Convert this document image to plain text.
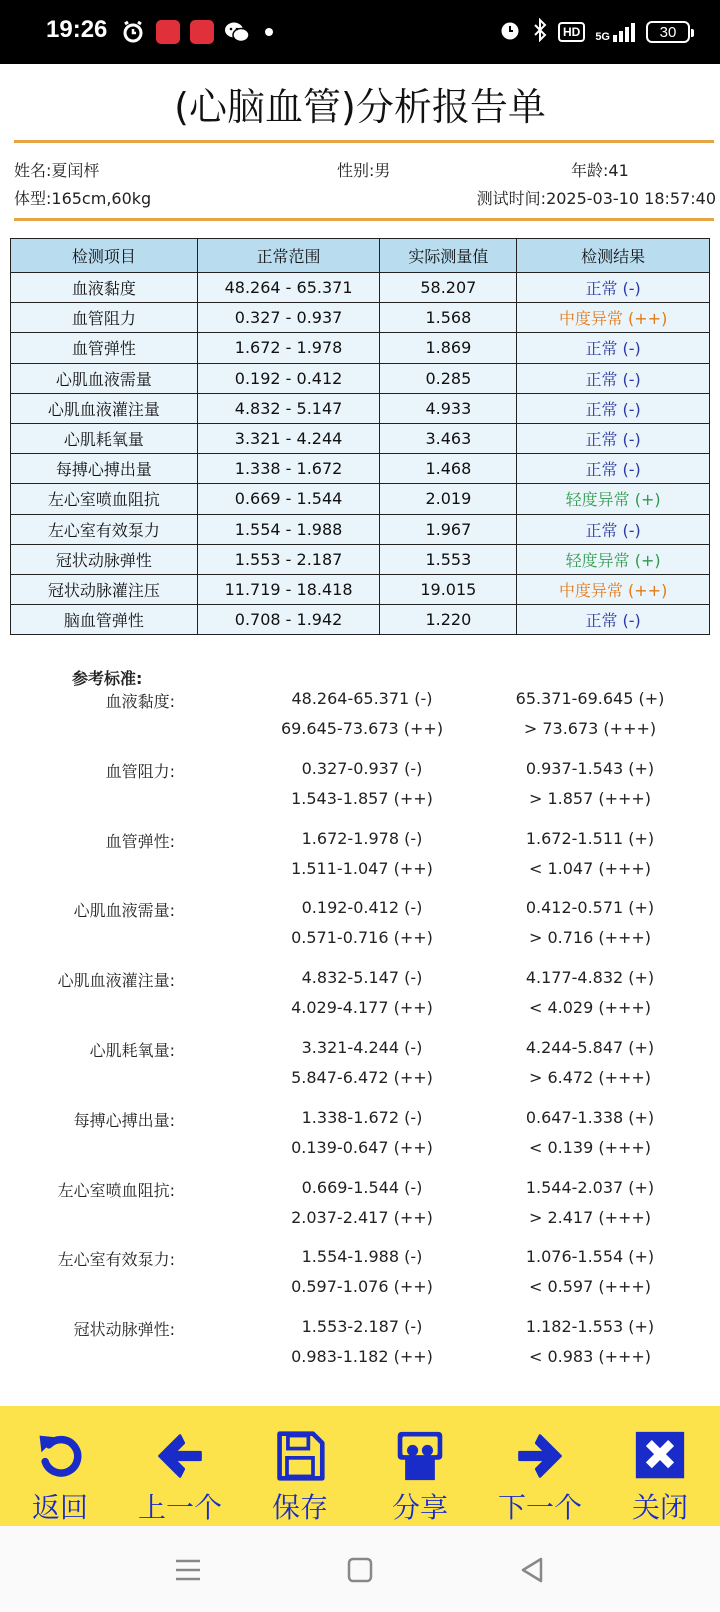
19:26	HD	5G	30
(心脑血管)分析报告单
姓名:夏闰枰	性别:男	年龄:41
体型:165cm,60kg	测试时间:2025-03-10 18:57:40
检测项目	正常范围	实际测量值	检测结果
血液黏度	48.264 - 65.371	58.207	正常 (-)
血管阻力	0.327 - 0.937	1.568	中度异常 (++)
血管弹性	1.672 - 1.978	1.869	正常 (-)
心肌血液需量	0.192 - 0.412	0.285	正常 (-)
心肌血液灌注量	4.832 - 5.147	4.933	正常 (-)
心肌耗氧量	3.321 - 4.244	3.463	正常 (-)
每搏心搏出量	1.338 - 1.672	1.468	正常 (-)
左心室喷血阻抗	0.669 - 1.544	2.019	轻度异常 (+)
左心室有效泵力	1.554 - 1.988	1.967	正常 (-)
冠状动脉弹性	1.553 - 2.187	1.553	轻度异常 (+)
冠状动脉灌注压	11.719 - 18.418	19.015	中度异常 (++)
脑血管弹性	0.708 - 1.942	1.220	正常 (-)
参考标准:
血液黏度:	48.264-65.371 (-)	65.371-69.645 (+)
69.645-73.673 (++)	> 73.673 (+++)
血管阻力:	0.327-0.937 (-)	0.937-1.543 (+)
1.543-1.857 (++)	> 1.857 (+++)
血管弹性:	1.672-1.978 (-)	1.672-1.511 (+)
1.511-1.047 (++)	< 1.047 (+++)
心肌血液需量:	0.192-0.412 (-)	0.412-0.571 (+)
0.571-0.716 (++)	> 0.716 (+++)
心肌血液灌注量:	4.832-5.147 (-)	4.177-4.832 (+)
4.029-4.177 (++)	< 4.029 (+++)
心肌耗氧量:	3.321-4.244 (-)	4.244-5.847 (+)
5.847-6.472 (++)	> 6.472 (+++)
每搏心搏出量:	1.338-1.672 (-)	0.647-1.338 (+)
0.139-0.647 (++)	< 0.139 (+++)
左心室喷血阻抗:	0.669-1.544 (-)	1.544-2.037 (+)
2.037-2.417 (++)	> 2.417 (+++)
左心室有效泵力:	1.554-1.988 (-)	1.076-1.554 (+)
0.597-1.076 (++)	< 0.597 (+++)
冠状动脉弹性:	1.553-2.187 (-)	1.182-1.553 (+)
0.983-1.182 (++)	< 0.983 (+++)
返回 上一个 保存 分享 下一个 关闭
